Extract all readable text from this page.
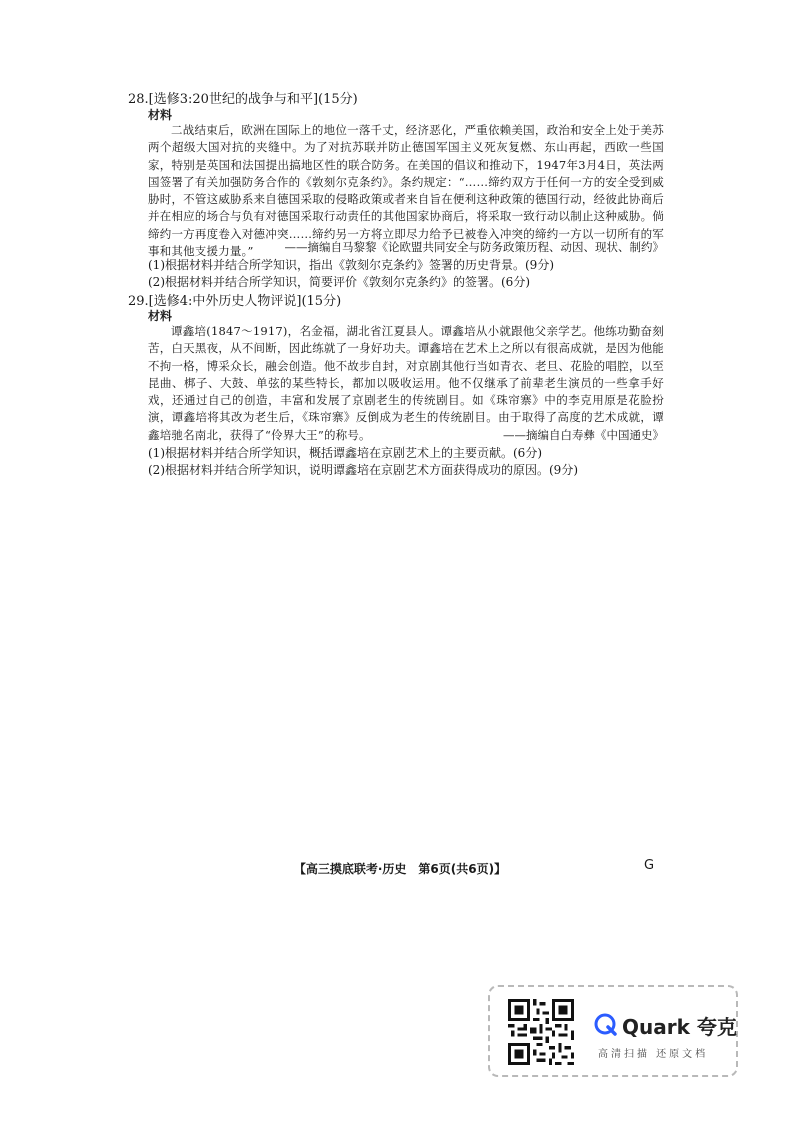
28.[选修3:20世纪的战争与和平](15分)
材料

二战结束后，欧洲在国际上的地位一落千丈，经济恶化，严重依赖美国，政治和安全上处于美苏两个超级大国对抗的夹缝中。为了对抗苏联并防止德国军国主义死灰复燃、东山再起，西欧一些国家，特别是英国和法国提出搞地区性的联合防务。在美国的倡议和推动下，1947年3月4日，英法两国签署了有关加强防务合作的《敦刻尔克条约》。条约规定：“……缔约双方于任何一方的安全受到威胁时，不管这威胁系来自德国采取的侵略政策或者来自旨在便利这种政策的德国行动，经彼此协商后并在相应的场合与负有对德国采取行动责任的其他国家协商后，将采取一致行动以制止这种威胁。倘缔约一方再度卷入对德冲突……缔约另一方将立即尽力给予已被卷入冲突的缔约一方以一切所有的军事和其他支援力量。”	——摘编自马黎黎《论欧盟共同安全与防务政策历程、动因、现状、制约》
(1)根据材料并结合所学知识，指出《敦刻尔克条约》签署的历史背景。(9分)
(2)根据材料并结合所学知识，简要评价《敦刻尔克条约》的签署。(6分)
29.[选修4:中外历史人物评说](15分)
材料

谭鑫培(1847～1917)，名金福，湖北省江夏县人。谭鑫培从小就跟他父亲学艺。他练功勤奋刻苦，白天黑夜，从不间断，因此练就了一身好功夫。谭鑫培在艺术上之所以有很高成就，是因为他能不拘一格，博采众长，融会创造。他不故步自封，对京剧其他行当如青衣、老旦、花脸的唱腔，以至昆曲、梆子、大鼓、单弦的某些特长，都加以吸收运用。他不仅继承了前辈老生演员的一些拿手好戏，还通过自己的创造，丰富和发展了京剧老生的传统剧目。如《珠帘寨》中的李克用原是花脸扮演，谭鑫培将其改为老生后，《珠帘寨》反倒成为老生的传统剧目。由于取得了高度的艺术成就，谭鑫培驰名南北，获得了“伶界大王”的称号。	——摘编自白寿彝《中国通史》
(1)根据材料并结合所学知识，概括谭鑫培在京剧艺术上的主要贡献。(6分)
(2)根据材料并结合所学知识，说明谭鑫培在京剧艺术方面获得成功的原因。(9分)
【高三摸底联考·历史　第6页(共6页)】	G
Quark 夸克
高清扫描 还原文档
